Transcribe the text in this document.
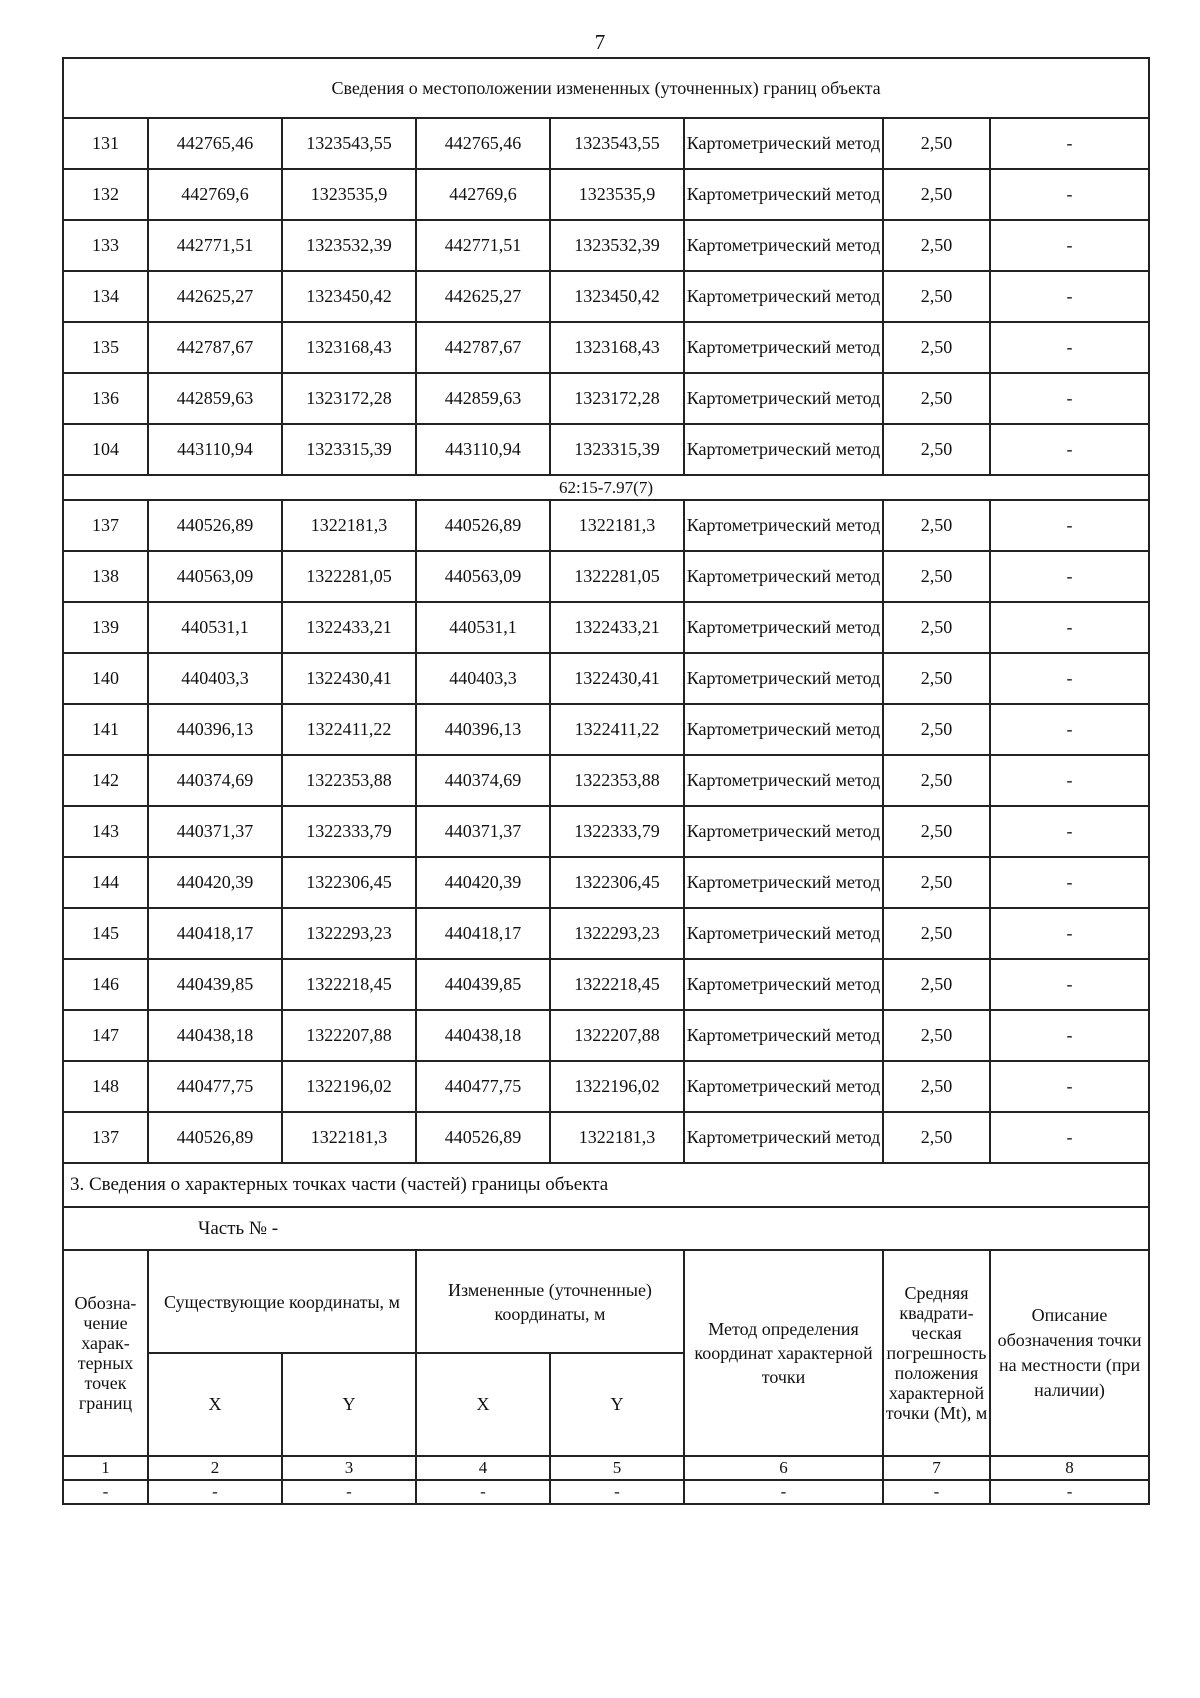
7
Сведения о местоположении измененных (уточненных) границ объекта							
131	442765,46	1323543,55	442765,46	1323543,55	Картометрический метод	2,50	-
132	442769,6	1323535,9	442769,6	1323535,9	Картометрический метод	2,50	-
133	442771,51	1323532,39	442771,51	1323532,39	Картометрический метод	2,50	-
134	442625,27	1323450,42	442625,27	1323450,42	Картометрический метод	2,50	-
135	442787,67	1323168,43	442787,67	1323168,43	Картометрический метод	2,50	-
136	442859,63	1323172,28	442859,63	1323172,28	Картометрический метод	2,50	-
104	443110,94	1323315,39	443110,94	1323315,39	Картометрический метод	2,50	-
62:15-7.97(7)							
137	440526,89	1322181,3	440526,89	1322181,3	Картометрический метод	2,50	-
138	440563,09	1322281,05	440563,09	1322281,05	Картометрический метод	2,50	-
139	440531,1	1322433,21	440531,1	1322433,21	Картометрический метод	2,50	-
140	440403,3	1322430,41	440403,3	1322430,41	Картометрический метод	2,50	-
141	440396,13	1322411,22	440396,13	1322411,22	Картометрический метод	2,50	-
142	440374,69	1322353,88	440374,69	1322353,88	Картометрический метод	2,50	-
143	440371,37	1322333,79	440371,37	1322333,79	Картометрический метод	2,50	-
144	440420,39	1322306,45	440420,39	1322306,45	Картометрический метод	2,50	-
145	440418,17	1322293,23	440418,17	1322293,23	Картометрический метод	2,50	-
146	440439,85	1322218,45	440439,85	1322218,45	Картометрический метод	2,50	-
147	440438,18	1322207,88	440438,18	1322207,88	Картометрический метод	2,50	-
148	440477,75	1322196,02	440477,75	1322196,02	Картометрический метод	2,50	-
137	440526,89	1322181,3	440526,89	1322181,3	Картометрический метод	2,50	-
3. Сведения о характерных точках части (частей) границы объекта							
Часть № -							
Обозна-чение харак-терных точек границ	Существующие координаты, м		Измененные (уточненные) координаты, м		Метод определения координат характерной точки	Средняя квадрати-ческая погрешность положения характерной точки (Mt), м	Описание обозначения точки на местности (при наличии)
	X	Y	X	Y			
1	2	3	4	5	6	7	8
-	-	-	-	-	-	-	-
